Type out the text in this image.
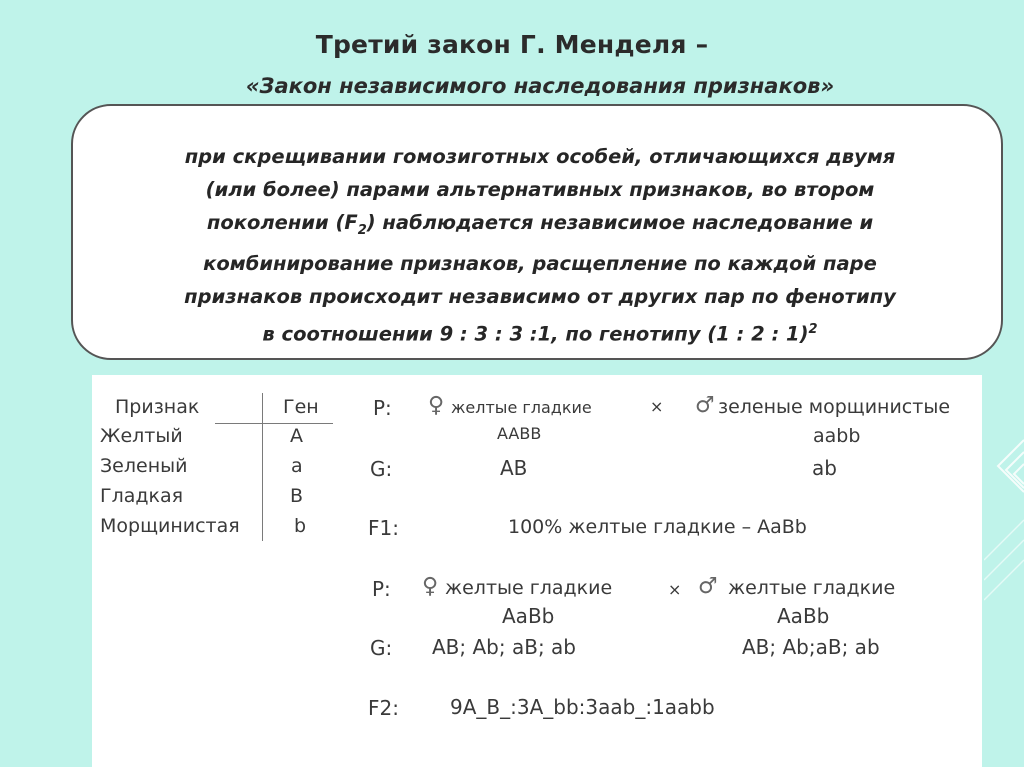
Третий закон Г. Менделя –
«Закон независимого наследования признаков»
при скрещивании гомозиготных особей, отличающихся двумя
(или более) парами альтернативных признаков, во втором
поколении $(F_2)$ наблюдается независимое наследование и
комбинирование признаков, расщепление по каждой паре
признаков происходит независимо от других пар по фенотипу
в соотношении 9 : 3 : 3 :1, по генотипу (1 : 2 : 1)$^2$
Признак	Ген
Желтый	A
Зеленый	a
Гладкая	B
Морщинистая	b
P: ♀ желтые гладкие	× ♂ зеленые морщинистые
AABB	aabb
G:	AB	ab
F1:	100% желтые гладкие – AaBb
P: ♀ желтые гладкие	× ♂ желтые гладкие
AaBb	AaBb
G: AB; Ab; aB; ab	AB; Ab;aB; ab
F2:	9A_B_:3A_bb:3aab_:1aabb
